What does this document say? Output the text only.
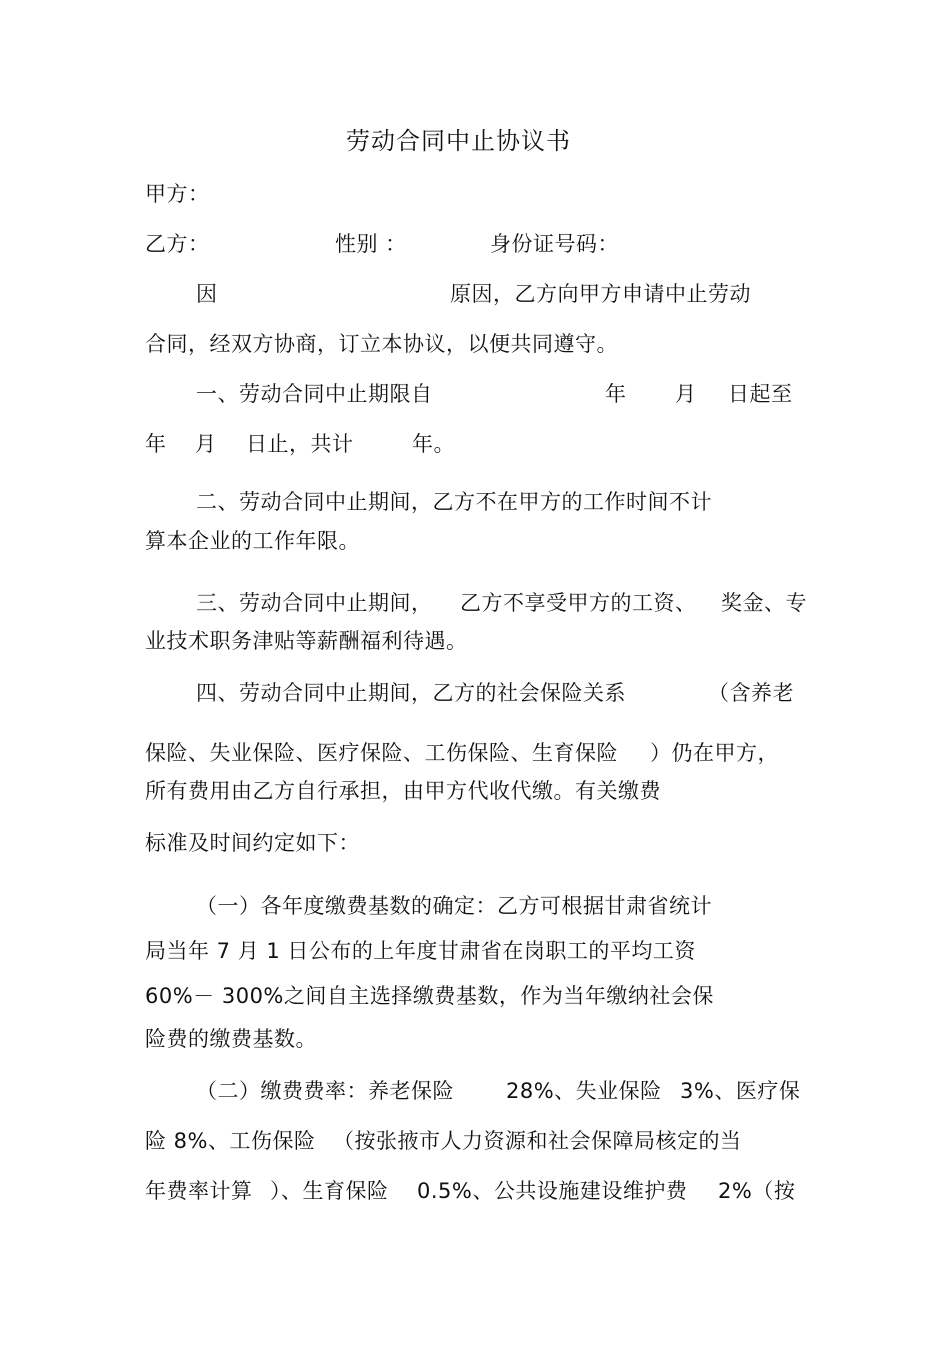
劳动合同中止协议书
甲方：
乙方：	性别 ：	身份证号码：
因	原因，乙方向甲方申请中止劳动
合同，经双方协商，订立本协议，以便共同遵守。
一、劳动合同中止期限自	年 月 日起至
年 月 日止，共计	年。
二、劳动合同中止期间，乙方不在甲方的工作时间不计
算本企业的工作年限。
三、劳动合同中止期间， 乙方不享受甲方的工资、 奖金、专
业技术职务津贴等薪酬福利待遇。
四、劳动合同中止期间，乙方的社会保险关系	（含养老
保险、失业保险、医疗保险、工伤保险、生育保险 ）仍在甲方，
所有费用由乙方自行承担，由甲方代收代缴。有关缴费
标准及时间约定如下：
（一）各年度缴费基数的确定：乙方可根据甘肃省统计
局当年 7 月 1 日公布的上年度甘肃省在岗职工的平均工资
60%－ 300%之间自主选择缴费基数，作为当年缴纳社会保
险费的缴费基数。
（二）缴费费率：养老保险 28%、失业保险 3%、医疗保
险 8%、工伤保险 （按张掖市人力资源和社会保障局核定的当
年费率计算 ）、生育保险 0.5%、公共设施建设维护费 2%（按
